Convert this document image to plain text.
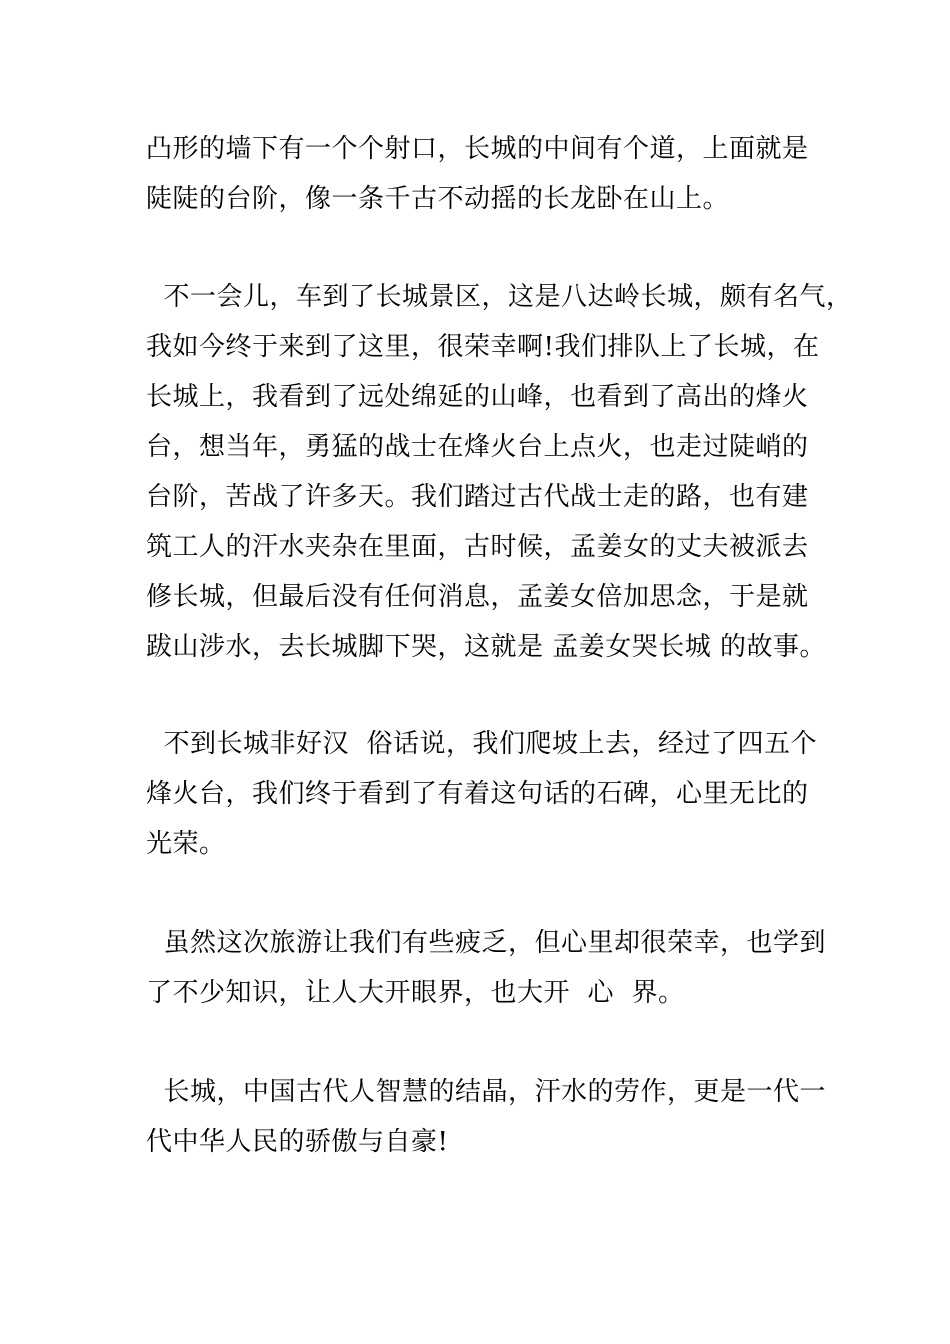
凸形的墙下有一个个射口，长城的中间有个道，上面就是
陡陡的台阶，像一条千古不动摇的长龙卧在山上。

不一会儿，车到了长城景区，这是八达岭长城，颇有名气，
我如今终于来到了这里，很荣幸啊!我们排队上了长城，在
长城上，我看到了远处绵延的山峰，也看到了高出的烽火
台，想当年，勇猛的战士在烽火台上点火，也走过陡峭的
台阶，苦战了许多天。我们踏过古代战士走的路，也有建
筑工人的汗水夹杂在里面，古时候，孟姜女的丈夫被派去
修长城，但最后没有任何消息，孟姜女倍加思念，于是就
跋山涉水，去长城脚下哭，这就是 孟姜女哭长城 的故事。

不到长城非好汉  俗话说，我们爬坡上去，经过了四五个
烽火台，我们终于看到了有着这句话的石碑，心里无比的
光荣。

虽然这次旅游让我们有些疲乏，但心里却很荣幸，也学到
了不少知识，让人大开眼界，也大开  心  界。

长城，中国古代人智慧的结晶，汗水的劳作，更是一代一
代中华人民的骄傲与自豪!
